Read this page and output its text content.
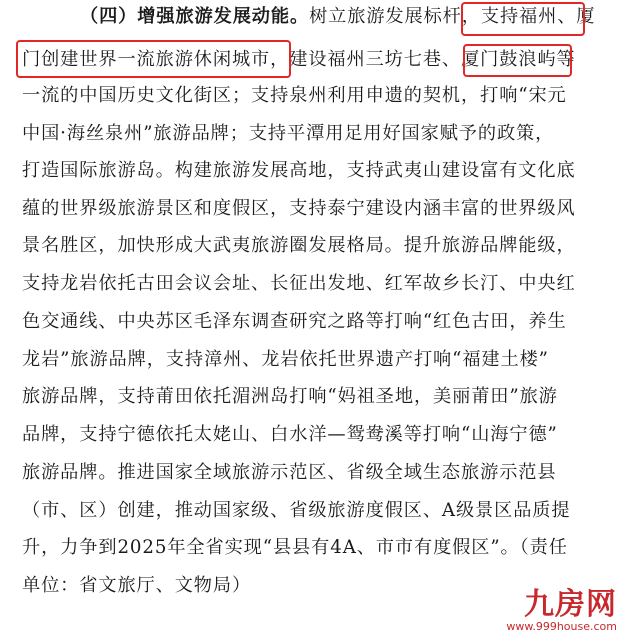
（四）增强旅游发展动能。树立旅游发展标杆，支持福州、厦
门创建世界一流旅游休闲城市，建设福州三坊七巷、厦门鼓浪屿等
一流的中国历史文化街区；支持泉州利用申遗的契机，打响“宋元
中国·海丝泉州”旅游品牌；支持平潭用足用好国家赋予的政策，
打造国际旅游岛。构建旅游发展高地，支持武夷山建设富有文化底
蕴的世界级旅游景区和度假区，支持泰宁建设内涵丰富的世界级风
景名胜区，加快形成大武夷旅游圈发展格局。提升旅游品牌能级，
支持龙岩依托古田会议会址、长征出发地、红军故乡长汀、中央红
色交通线、中央苏区毛泽东调查研究之路等打响“红色古田，养生
龙岩”旅游品牌，支持漳州、龙岩依托世界遗产打响“福建土楼”
旅游品牌，支持莆田依托湄洲岛打响“妈祖圣地，美丽莆田”旅游
品牌，支持宁德依托太姥山、白水洋—鸳鸯溪等打响“山海宁德”
旅游品牌。推进国家全域旅游示范区、省级全域生态旅游示范县
（市、区）创建，推动国家级、省级旅游度假区、A级景区品质提
升，力争到2025年全省实现“县县有4A、市市有度假区”。（责任
单位：省文旅厅、文物局）
九房网
www.999house.com
